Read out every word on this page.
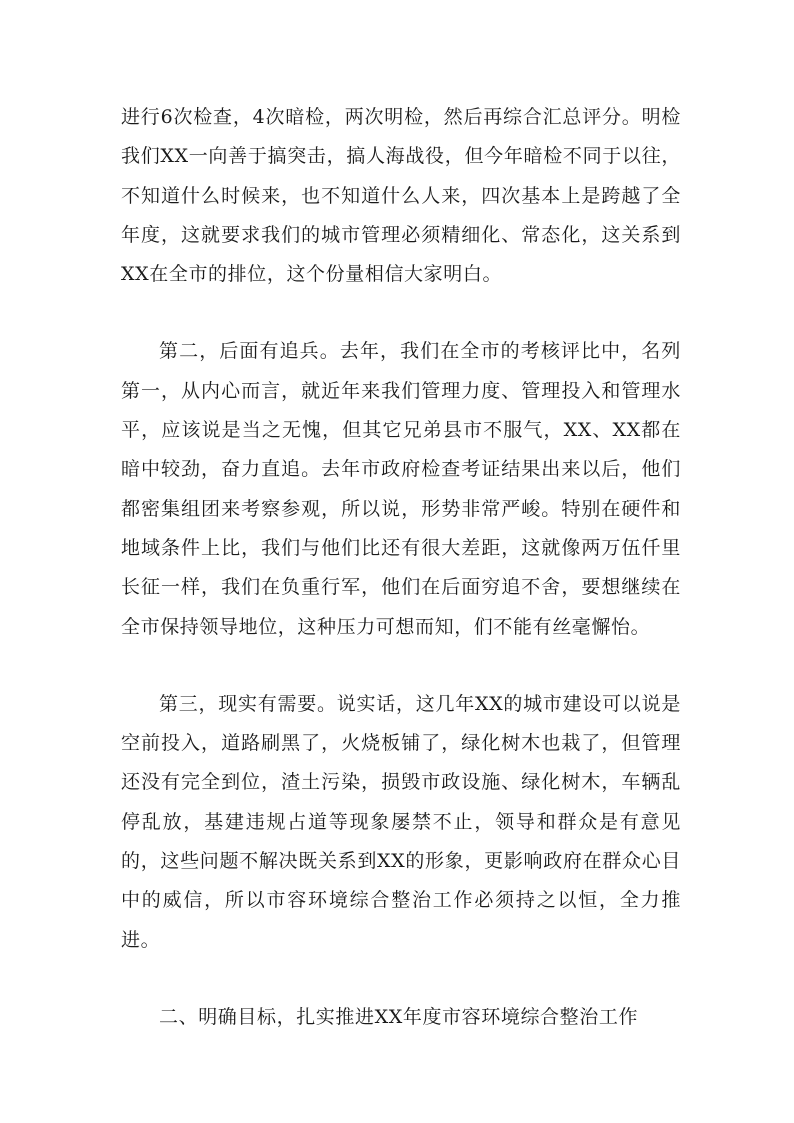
进行6次检查，4次暗检，两次明检，然后再综合汇总评分。明检我们XX一向善于搞突击，搞人海战役，但今年暗检不同于以往，不知道什么时候来，也不知道什么人来，四次基本上是跨越了全年度，这就要求我们的城市管理必须精细化、常态化，这关系到XX在全市的排位，这个份量相信大家明白。

第二，后面有追兵。去年，我们在全市的考核评比中，名列第一，从内心而言，就近年来我们管理力度、管理投入和管理水平，应该说是当之无愧，但其它兄弟县市不服气，XX、XX都在暗中较劲，奋力直追。去年市政府检查考证结果出来以后，他们都密集组团来考察参观，所以说，形势非常严峻。特别在硬件和地域条件上比，我们与他们比还有很大差距，这就像两万伍仟里长征一样，我们在负重行军，他们在后面穷追不舍，要想继续在全市保持领导地位，这种压力可想而知，们不能有丝毫懈怡。

第三，现实有需要。说实话，这几年XX的城市建设可以说是空前投入，道路刷黑了，火烧板铺了，绿化树木也栽了，但管理还没有完全到位，渣土污染，损毁市政设施、绿化树木，车辆乱停乱放，基建违规占道等现象屡禁不止，领导和群众是有意见的，这些问题不解决既关系到XX的形象，更影响政府在群众心目中的威信，所以市容环境综合整治工作必须持之以恒，全力推进。

二、明确目标，扎实推进XX年度市容环境综合整治工作
